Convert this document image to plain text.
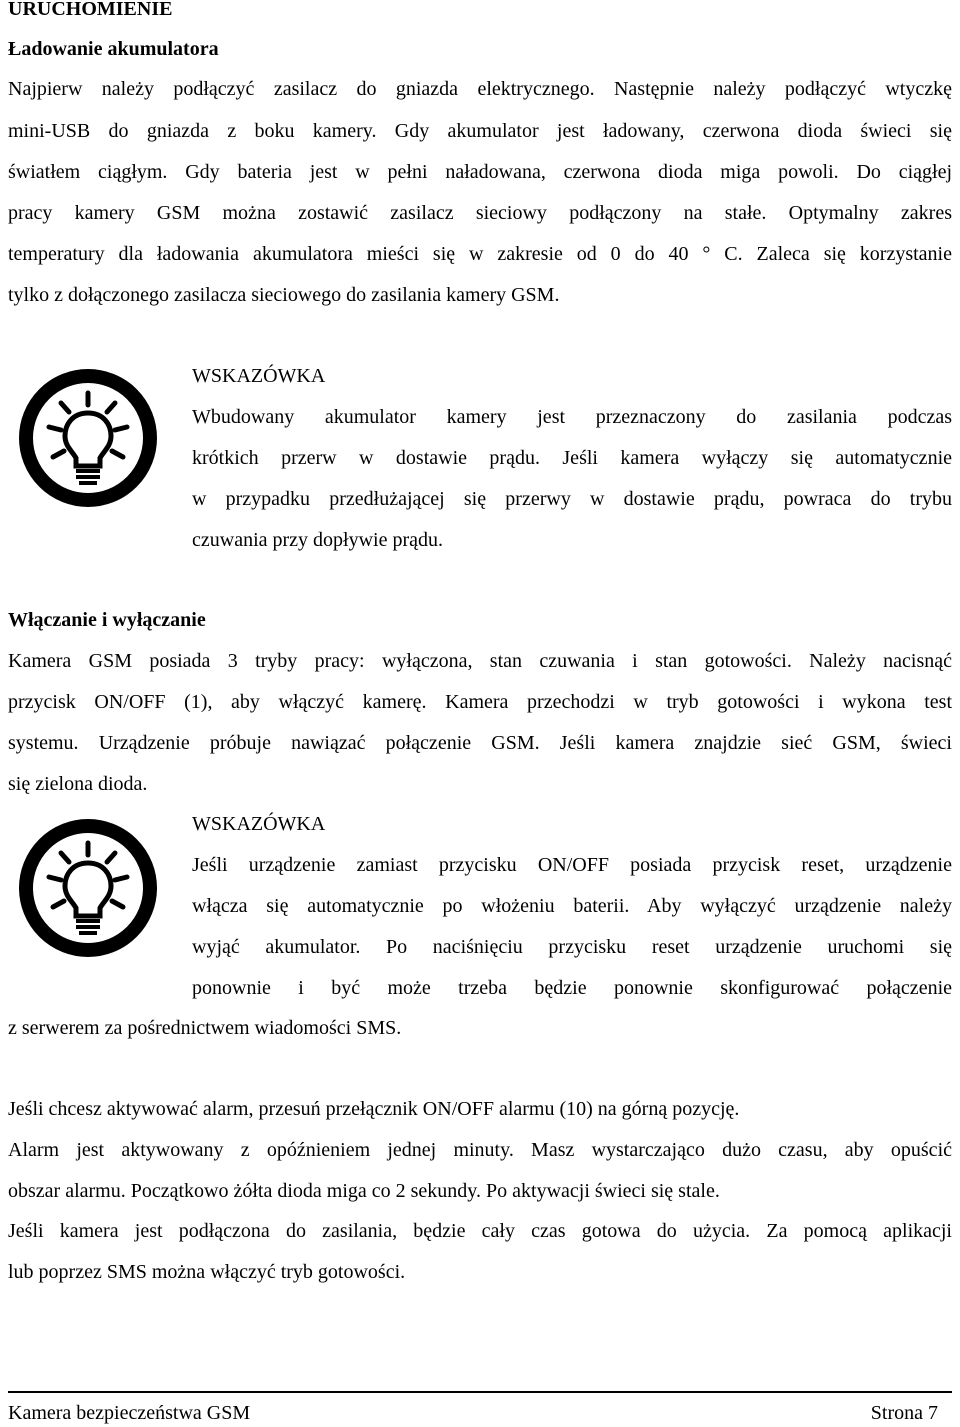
URUCHOMIENIE
Ładowanie akumulatora
Najpierw należy podłączyć zasilacz do gniazda elektrycznego. Następnie należy podłączyć wtyczkę
mini-USB do gniazda z boku kamery. Gdy akumulator jest ładowany, czerwona dioda świeci się
światłem ciągłym. Gdy bateria jest w pełni naładowana, czerwona dioda miga powoli. Do ciągłej
pracy kamery GSM można zostawić zasilacz sieciowy podłączony na stałe. Optymalny zakres
temperatury dla ładowania akumulatora mieści się w zakresie od 0 do 40 ° C. Zaleca się korzystanie
tylko z dołączonego zasilacza sieciowego do zasilania kamery GSM.
WSKAZÓWKA
Wbudowany akumulator kamery jest przeznaczony do zasilania podczas
krótkich przerw w dostawie prądu. Jeśli kamera wyłączy się automatycznie
w przypadku przedłużającej się przerwy w dostawie prądu, powraca do trybu
czuwania przy dopływie prądu.
Włączanie i wyłączanie
Kamera GSM posiada 3 tryby pracy: wyłączona, stan czuwania i stan gotowości. Należy nacisnąć
przycisk ON/OFF (1), aby włączyć kamerę. Kamera przechodzi w tryb gotowości i wykona test
systemu. Urządzenie próbuje nawiązać połączenie GSM. Jeśli kamera znajdzie sieć GSM, świeci
się zielona dioda.
WSKAZÓWKA
Jeśli urządzenie zamiast przycisku ON/OFF posiada przycisk reset, urządzenie
włącza się automatycznie po włożeniu baterii. Aby wyłączyć urządzenie należy
wyjąć akumulator. Po naciśnięciu przycisku reset urządzenie uruchomi się
ponownie i być może trzeba będzie ponownie skonfigurować połączenie
z serwerem za pośrednictwem wiadomości SMS.
Jeśli chcesz aktywować alarm, przesuń przełącznik ON/OFF alarmu (10) na górną pozycję.
Alarm jest aktywowany z opóźnieniem jednej minuty. Masz wystarczająco dużo czasu, aby opuścić
obszar alarmu. Początkowo żółta dioda miga co 2 sekundy. Po aktywacji świeci się stale.
Jeśli kamera jest podłączona do zasilania, będzie cały czas gotowa do użycia. Za pomocą aplikacji
lub poprzez SMS można włączyć tryb gotowości.
Kamera bezpieczeństwa GSM	Strona 7
